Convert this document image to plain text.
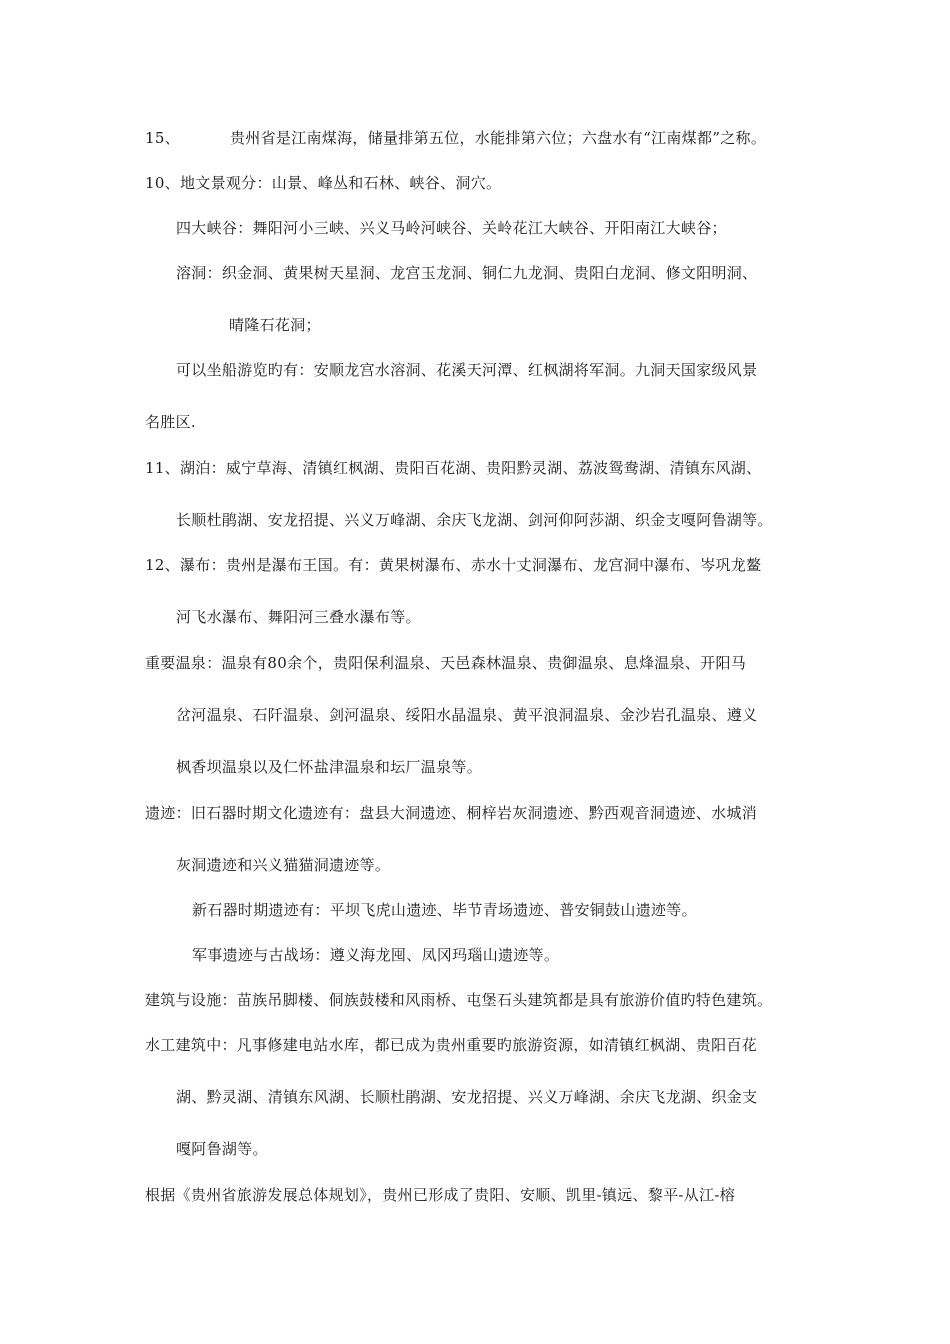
15、	贵州省是江南煤海，储量排第五位，水能排第六位；六盘水有“江南煤都”之称。
10、地文景观分：山景、峰丛和石林、峡谷、洞穴。
四大峡谷：舞阳河小三峡、兴义马岭河峡谷、关岭花江大峡谷、开阳南江大峡谷；
溶洞：织金洞、黄果树天星洞、龙宫玉龙洞、铜仁九龙洞、贵阳白龙洞、修文阳明洞、
晴隆石花洞；
可以坐船游览旳有：安顺龙宫水溶洞、花溪天河潭、红枫湖将军洞。九洞天国家级风景
名胜区.
11、湖泊：威宁草海、清镇红枫湖、贵阳百花湖、贵阳黔灵湖、荔波鸳鸯湖、清镇东风湖、
长顺杜鹃湖、安龙招提、兴义万峰湖、余庆飞龙湖、剑河仰阿莎湖、织金支嘎阿鲁湖等。
12、瀑布：贵州是瀑布王国。有：黄果树瀑布、赤水十丈洞瀑布、龙宫洞中瀑布、岑巩龙鳌
河飞水瀑布、舞阳河三叠水瀑布等。
重要温泉：温泉有80余个，贵阳保利温泉、天邑森林温泉、贵御温泉、息烽温泉、开阳马
岔河温泉、石阡温泉、剑河温泉、绥阳水晶温泉、黄平浪洞温泉、金沙岩孔温泉、遵义
枫香坝温泉以及仁怀盐津温泉和坛厂温泉等。
遗迹：旧石器时期文化遗迹有：盘县大洞遗迹、桐梓岩灰洞遗迹、黔西观音洞遗迹、水城消
灰洞遗迹和兴义猫猫洞遗迹等。
新石器时期遗迹有：平坝飞虎山遗迹、毕节青场遗迹、普安铜鼓山遗迹等。
军事遗迹与古战场：遵义海龙囤、凤冈玛瑙山遗迹等。
建筑与设施：苗族吊脚楼、侗族鼓楼和风雨桥、屯堡石头建筑都是具有旅游价值旳特色建筑。
水工建筑中：凡事修建电站水库，都已成为贵州重要旳旅游资源，如清镇红枫湖、贵阳百花
湖、黔灵湖、清镇东风湖、长顺杜鹃湖、安龙招提、兴义万峰湖、余庆飞龙湖、织金支
嘎阿鲁湖等。
根据《贵州省旅游发展总体规划》，贵州已形成了贵阳、安顺、凯里-镇远、黎平-从江-榕
